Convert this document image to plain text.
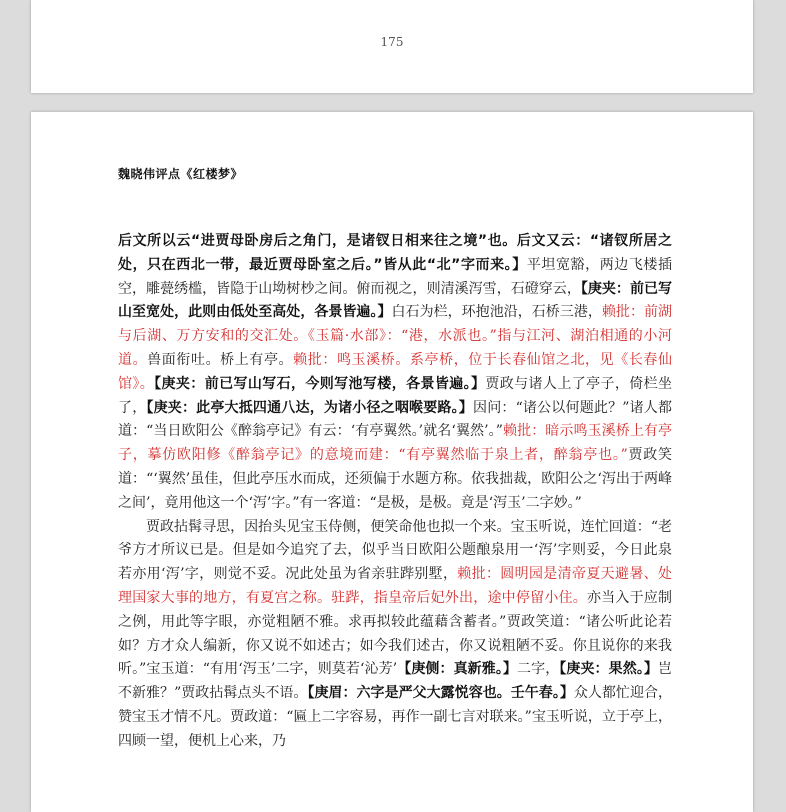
175
魏晓伟评点《红楼梦》

后文所以云“进贾母卧房后之角门，是诸钗日相来往之境”也。后文又云：“诸钗所居之处，只在西北一带，最近贾母卧室之后。”皆从此“北”字而来。】平坦宽豁，两边飞楼插空，雕甍绣槛，皆隐于山坳树杪之间。俯而视之，则清溪泻雪，石磴穿云，【庚夹：前已写山至宽处，此则由低处至高处，各景皆遍。】白石为栏，环抱池沿，石桥三港，赖批：前湖与后湖、万方安和的交汇处。《玉篇·水部》：“港，水派也。”指与江河、湖泊相通的小河道。兽面衔吐。桥上有亭。赖批：鸣玉溪桥。系亭桥，位于长春仙馆之北，见《长春仙馆》。【庚夹：前已写山写石，今则写池写楼，各景皆遍。】贾政与诸人上了亭子，倚栏坐了，【庚夹：此亭大抵四通八达，为诸小径之咽喉要路。】因问：“诸公以何题此？”诸人都道：“当日欧阳公《醉翁亭记》有云：‘有亭翼然。’就名‘翼然’。”赖批：暗示鸣玉溪桥上有亭子，摹仿欧阳修《醉翁亭记》的意境而建：“有亭翼然临于泉上者，醉翁亭也。”贾政笑道：“‘翼然’虽佳，但此亭压水而成，还须偏于水题方称。依我拙裁，欧阳公之‘泻出于两峰之间’，竟用他这一个‘泻’字。”有一客道：“是极，是极。竟是‘泻玉’二字妙。”

贾政拈髯寻思，因抬头见宝玉侍侧，便笑命他也拟一个来。宝玉听说，连忙回道：“老爷方才所议已是。但是如今追究了去，似乎当日欧阳公题酿泉用一‘泻’字则妥，今日此泉若亦用‘泻’字，则觉不妥。况此处虽为省亲驻跸别墅，赖批：圆明园是清帝夏天避暑、处理国家大事的地方，有夏宫之称。驻跸，指皇帝后妃外出，途中停留小住。亦当入于应制之例，用此等字眼，亦觉粗陋不雅。求再拟较此蕴藉含蓄者。”贾政笑道：“诸公听此论若如？方才众人编新，你又说不如述古；如今我们述古，你又说粗陋不妥。你且说你的来我听。”宝玉道：“有用‘泻玉’二字，则莫若‘沁芳’【庚侧：真新雅。】二字，【庚夹：果然。】岂不新雅？”贾政拈髯点头不语。【庚眉：六字是严父大露悦容也。壬午春。】众人都忙迎合，赞宝玉才情不凡。贾政道：“匾上二字容易，再作一副七言对联来。”宝玉听说，立于亭上，四顾一望，便机上心来，乃
